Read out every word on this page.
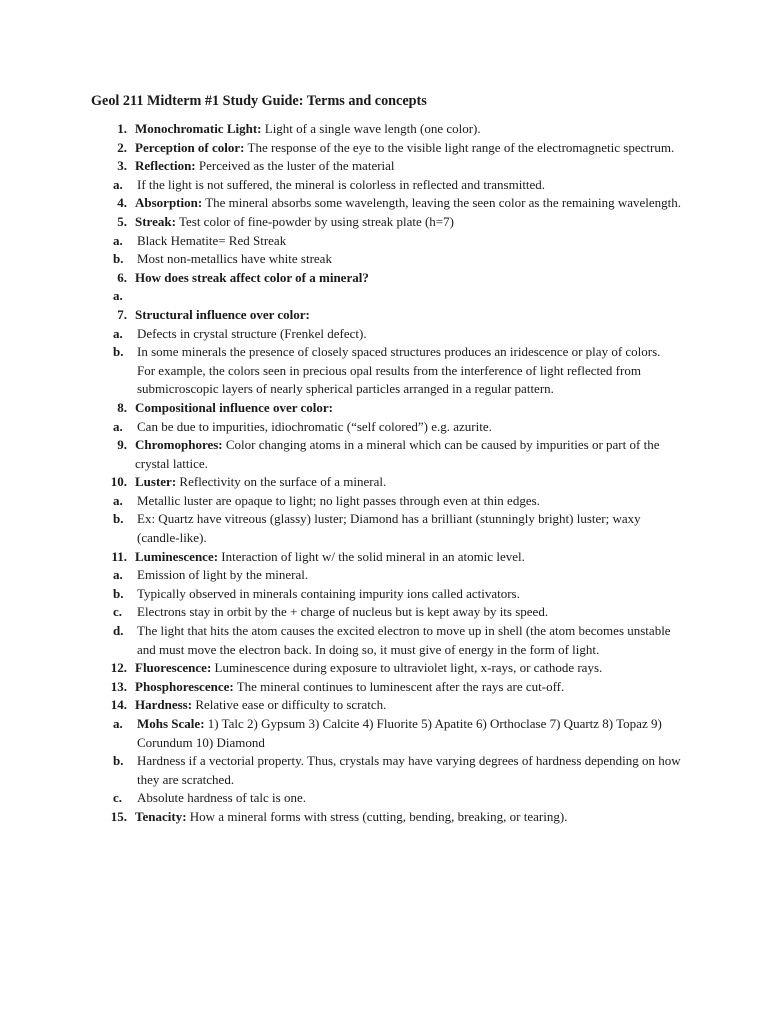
Geol 211 Midterm #1 Study Guide: Terms and concepts
1. Monochromatic Light: Light of a single wave length (one color).
2. Perception of color: The response of the eye to the visible light range of the electromagnetic spectrum.
3. Reflection: Perceived as the luster of the material
a. If the light is not suffered, the mineral is colorless in reflected and transmitted.
4. Absorption: The mineral absorbs some wavelength, leaving the seen color as the remaining wavelength.
5. Streak: Test color of fine-powder by using streak plate (h=7)
a. Black Hematite= Red Streak
b. Most non-metallics have white streak
6. How does streak affect color of a mineral?
a.
7. Structural influence over color:
a. Defects in crystal structure (Frenkel defect).
b. In some minerals the presence of closely spaced structures produces an iridescence or play of colors. For example, the colors seen in precious opal results from the interference of light reflected from submicroscopic layers of nearly spherical particles arranged in a regular pattern.
8. Compositional influence over color:
a. Can be due to impurities, idiochromatic (“self colored”) e.g. azurite.
9. Chromophores: Color changing atoms in a mineral which can be caused by impurities or part of the crystal lattice.
10. Luster: Reflectivity on the surface of a mineral.
a. Metallic luster are opaque to light; no light passes through even at thin edges.
b. Ex: Quartz have vitreous (glassy) luster; Diamond has a brilliant (stunningly bright) luster; waxy (candle-like).
11. Luminescence: Interaction of light w/ the solid mineral in an atomic level.
a. Emission of light by the mineral.
b. Typically observed in minerals containing impurity ions called activators.
c. Electrons stay in orbit by the + charge of nucleus but is kept away by its speed.
d. The light that hits the atom causes the excited electron to move up in shell (the atom becomes unstable and must move the electron back. In doing so, it must give of energy in the form of light.
12. Fluorescence: Luminescence during exposure to ultraviolet light, x-rays, or cathode rays.
13. Phosphorescence: The mineral continues to luminescent after the rays are cut-off.
14. Hardness: Relative ease or difficulty to scratch.
a. Mohs Scale: 1) Talc 2) Gypsum 3) Calcite 4) Fluorite 5) Apatite 6) Orthoclase 7) Quartz 8) Topaz 9) Corundum 10) Diamond
b. Hardness if a vectorial property. Thus, crystals may have varying degrees of hardness depending on how they are scratched.
c. Absolute hardness of talc is one.
15. Tenacity: How a mineral forms with stress (cutting, bending, breaking, or tearing).
